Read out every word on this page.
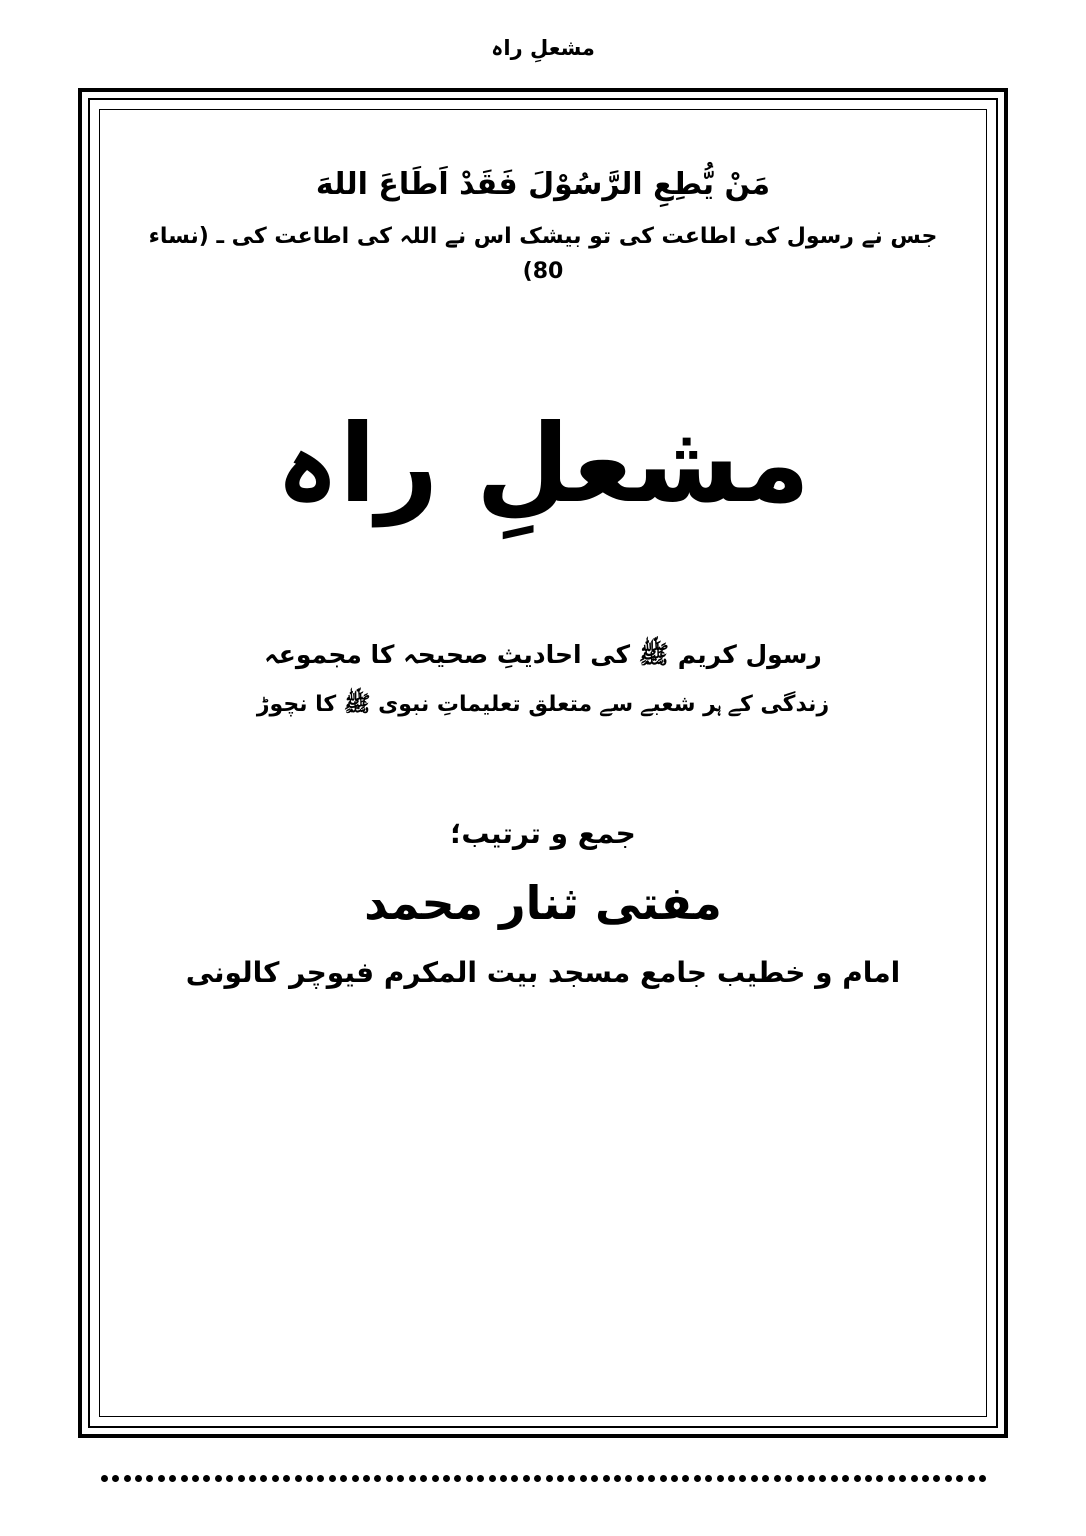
مشعلِ راہ
مَنْ يُّطِعِ الرَّسُوْلَ فَقَدْ اَطَاعَ اللهَ
جس نے رسول کی اطاعت کی تو بیشک اس نے اللہ کی اطاعت کی ـ (نساء 80)
مشعلِ راہ
رسول کریم ﷺ کی احادیثِ صحیحہ کا مجموعہ
زندگی کے ہر شعبے سے متعلق تعلیماتِ نبوی ﷺ کا نچوڑ
جمع و ترتیب؛
مفتی ثنار محمد
امام و خطیب جامع مسجد بیت المکرم فیوچر کالونی
